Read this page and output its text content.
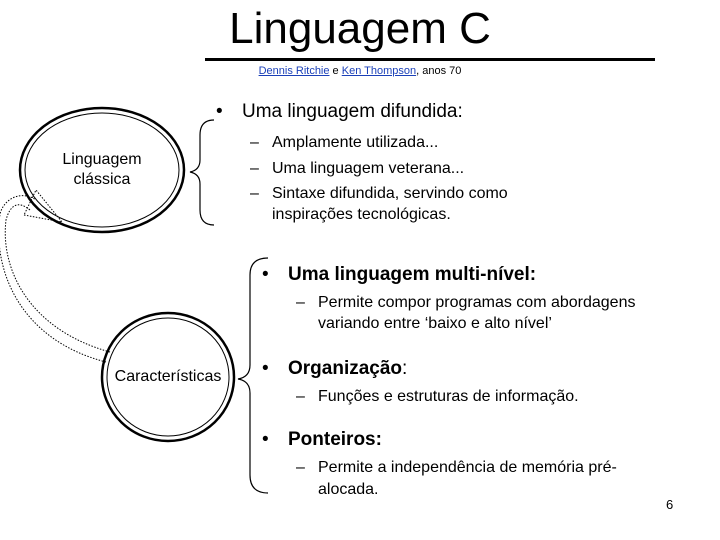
Linguagem C
Dennis Ritchie e Ken Thompson, anos 70
Linguagem
clássica
Características
• Uma linguagem difundida:
– Amplamente utilizada...
– Uma linguagem veterana...
– Sintaxe difundida, servindo como
inspirações tecnológicas.
• Uma linguagem multi-nível:
– Permite compor programas com abordagens
variando entre ‘baixo e alto nível’
• Organização:
– Funções e estruturas de informação.
• Ponteiros:
– Permite a independência de memória pré-
alocada.
6
